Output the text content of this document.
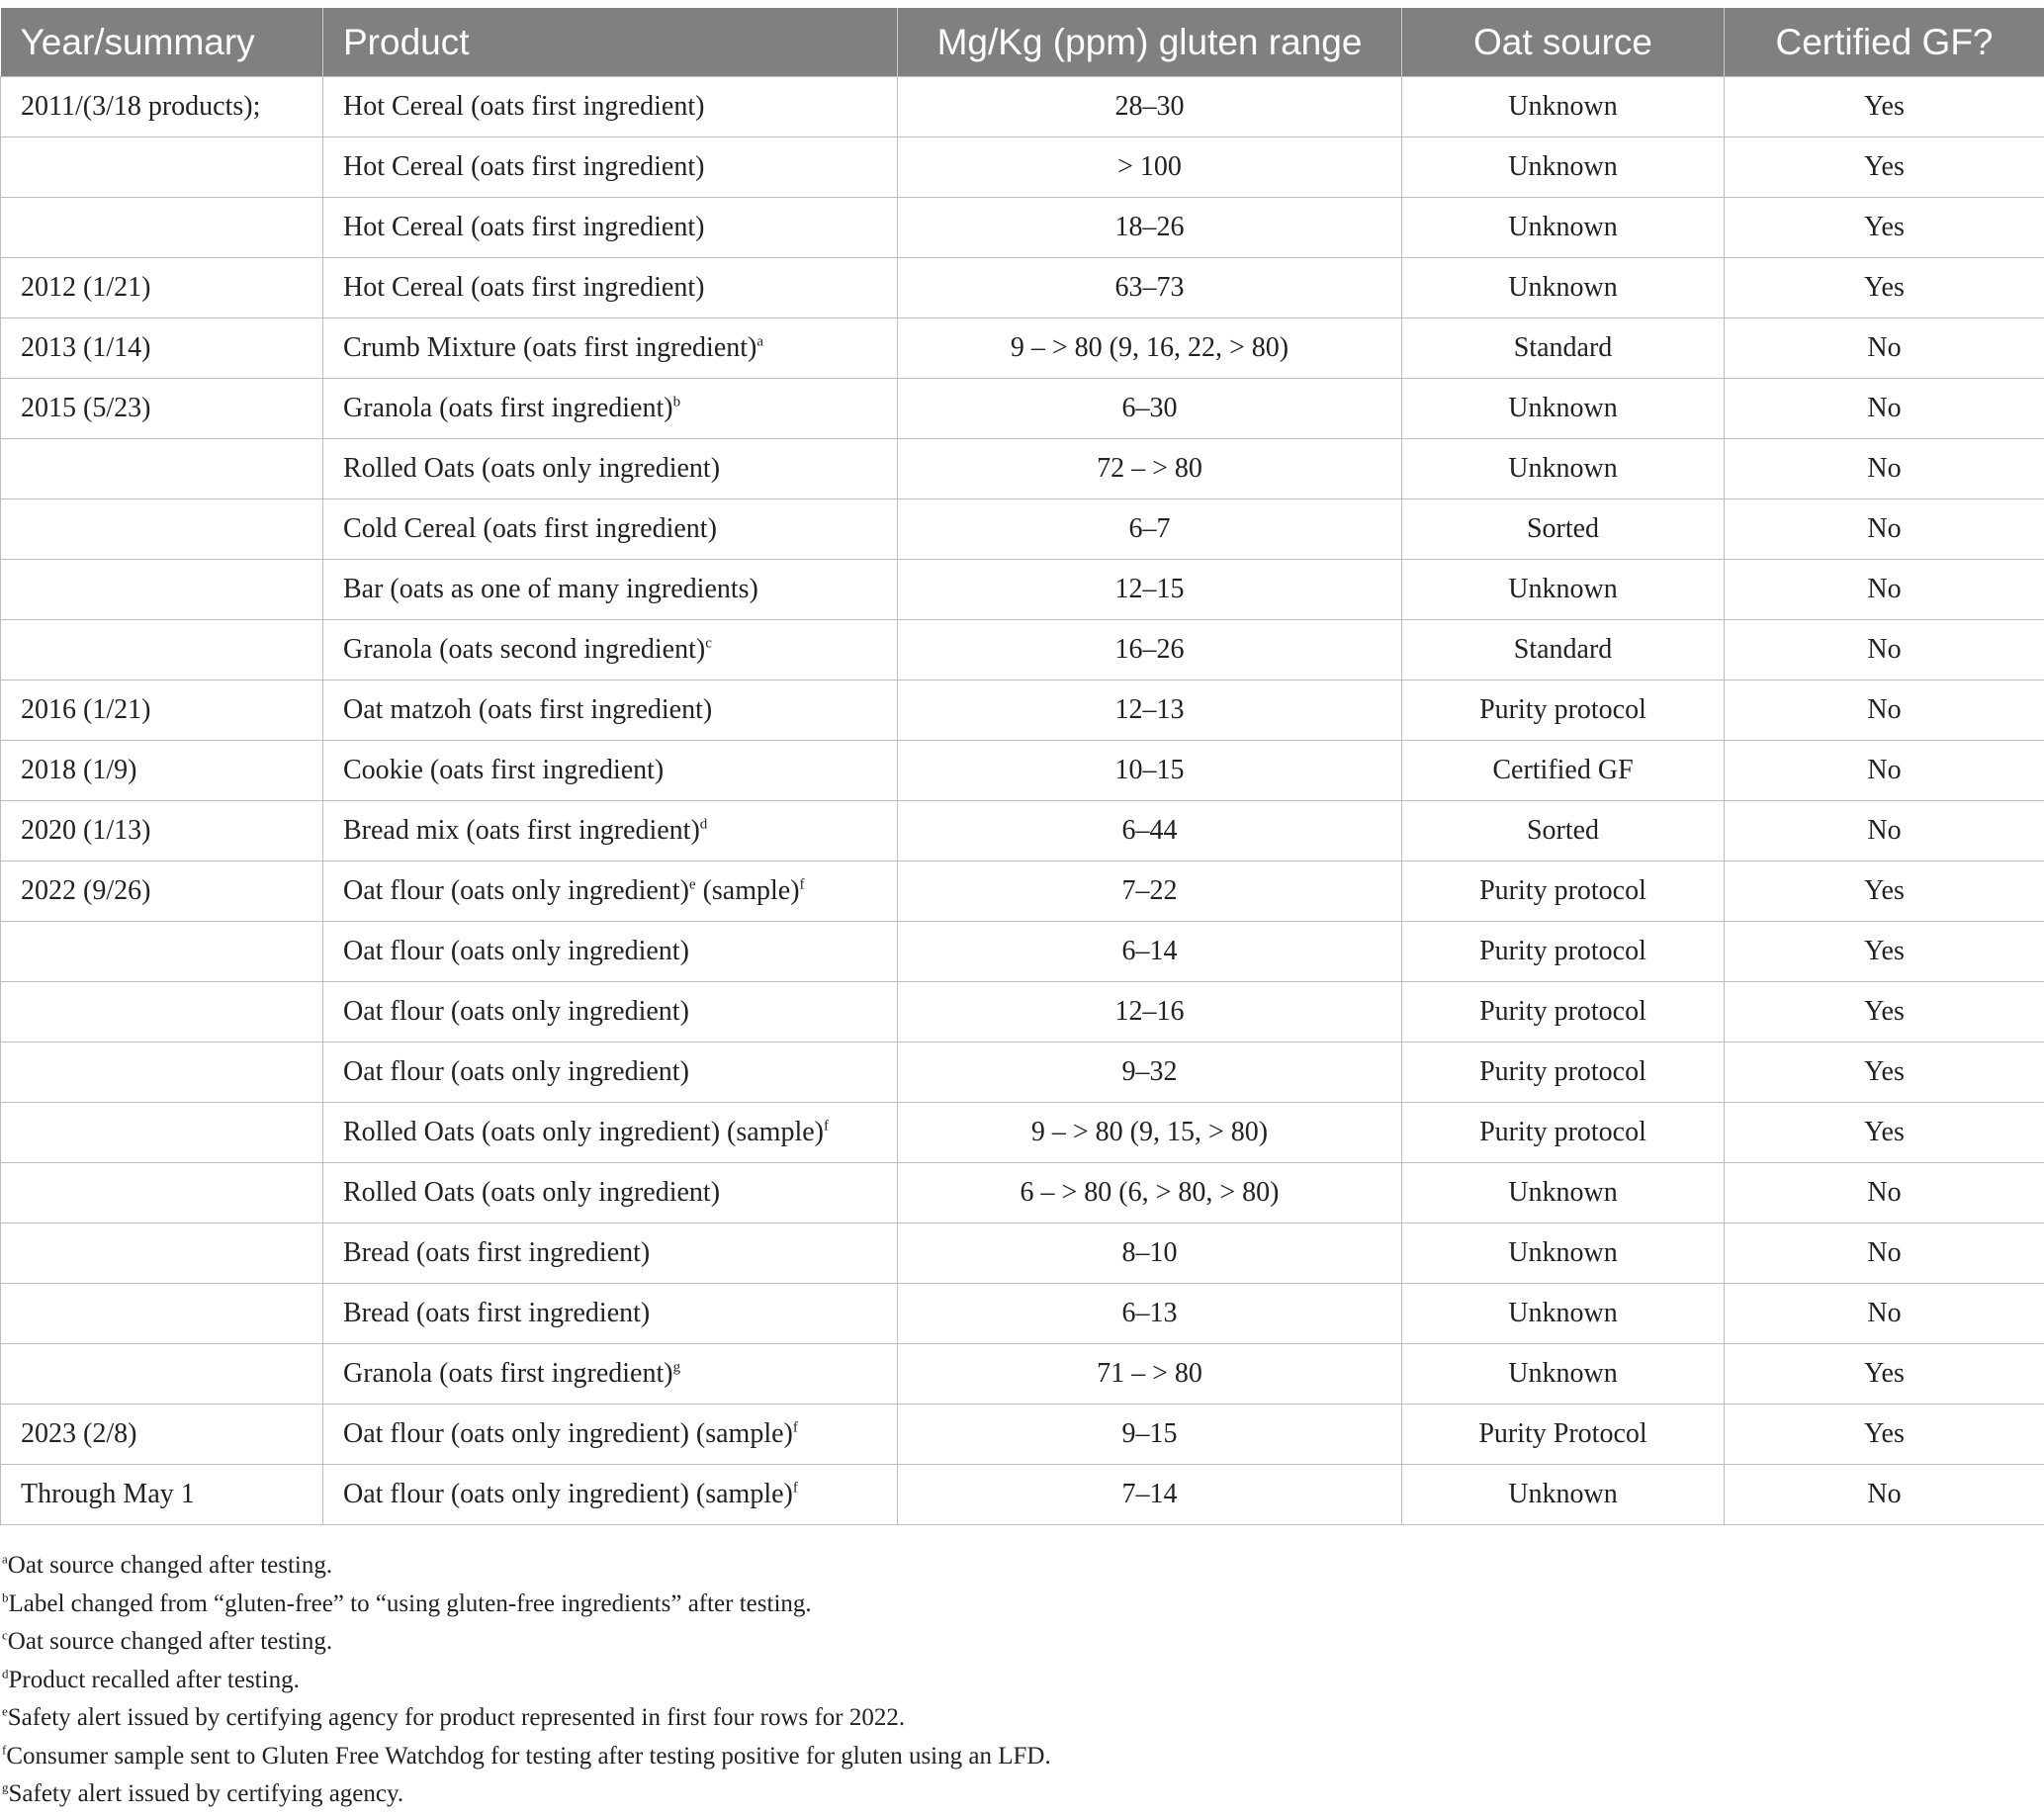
Year/summary	Product	Mg/Kg (ppm) gluten range	Oat source	Certified GF?
2011/(3/18 products);	Hot Cereal (oats first ingredient)	28–30	Unknown	Yes
	Hot Cereal (oats first ingredient)	> 100	Unknown	Yes
	Hot Cereal (oats first ingredient)	18–26	Unknown	Yes
2012 (1/21)	Hot Cereal (oats first ingredient)	63–73	Unknown	Yes
2013 (1/14)	Crumb Mixture (oats first ingredient)$^a$	9 – > 80 (9, 16, 22, > 80)	Standard	No
2015 (5/23)	Granola (oats first ingredient)$^b$	6–30	Unknown	No
	Rolled Oats (oats only ingredient)	72 – > 80	Unknown	No
	Cold Cereal (oats first ingredient)	6–7	Sorted	No
	Bar (oats as one of many ingredients)	12–15	Unknown	No
	Granola (oats second ingredient)$^c$	16–26	Standard	No
2016 (1/21)	Oat matzoh (oats first ingredient)	12–13	Purity protocol	No
2018 (1/9)	Cookie (oats first ingredient)	10–15	Certified GF	No
2020 (1/13)	Bread mix (oats first ingredient)$^d$	6–44	Sorted	No
2022 (9/26)	Oat flour (oats only ingredient)$^e$ (sample)$^f$	7–22	Purity protocol	Yes
	Oat flour (oats only ingredient)	6–14	Purity protocol	Yes
	Oat flour (oats only ingredient)	12–16	Purity protocol	Yes
	Oat flour (oats only ingredient)	9–32	Purity protocol	Yes
	Rolled Oats (oats only ingredient) (sample)$^f$	9 – > 80 (9, 15, > 80)	Purity protocol	Yes
	Rolled Oats (oats only ingredient)	6 – > 80 (6, > 80, > 80)	Unknown	No
	Bread (oats first ingredient)	8–10	Unknown	No
	Bread (oats first ingredient)	6–13	Unknown	No
	Granola (oats first ingredient)$^g$	71 – > 80	Unknown	Yes
2023 (2/8)	Oat flour (oats only ingredient) (sample)$^f$	9–15	Purity Protocol	Yes
Through May 1	Oat flour (oats only ingredient) (sample)$^f$	7–14	Unknown	No
$^a$Oat source changed after testing.
$^b$Label changed from “gluten-free” to “using gluten-free ingredients” after testing.
$^c$Oat source changed after testing.
$^d$Product recalled after testing.
$^e$Safety alert issued by certifying agency for product represented in first four rows for 2022.
$^f$Consumer sample sent to Gluten Free Watchdog for testing after testing positive for gluten using an LFD.
$^g$Safety alert issued by certifying agency.
